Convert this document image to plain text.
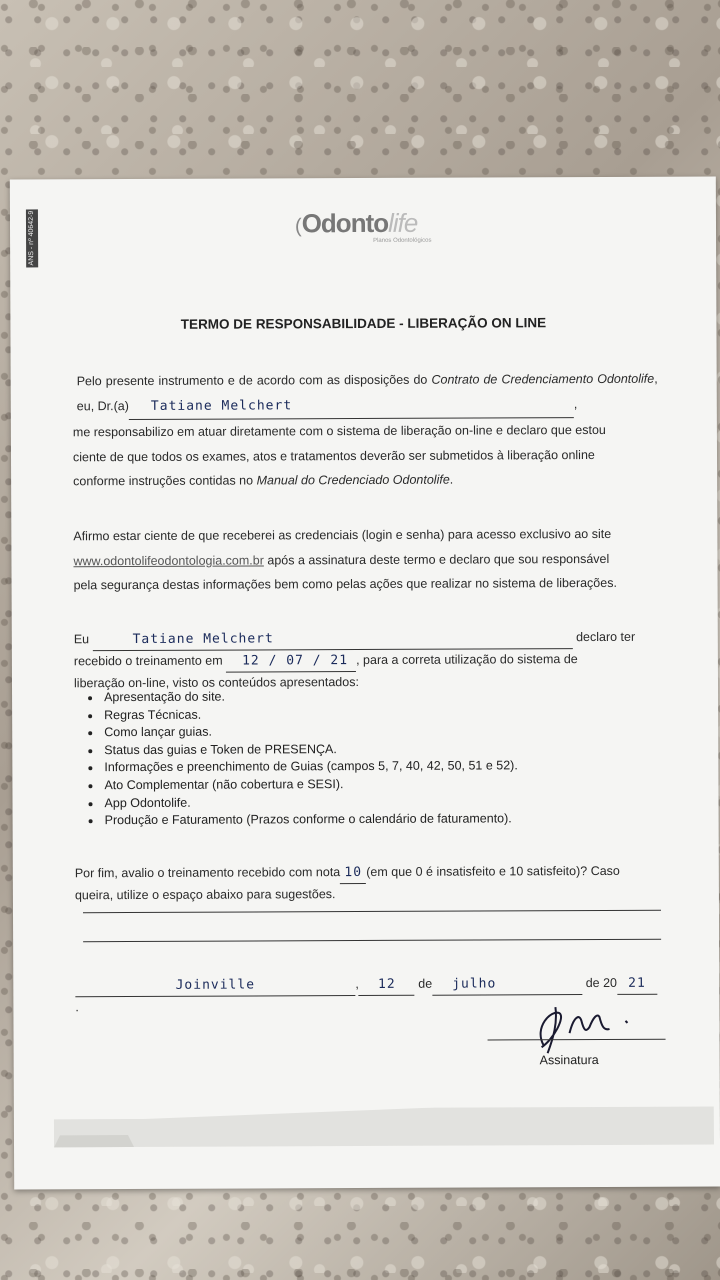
ANS - nº 40642-9	(Odontolife
Planos Odontológicos
TERMO DE RESPONSABILIDADE - LIBERAÇÃO ON LINE
Pelo presente instrumento e de acordo com as disposições do Contrato de Credenciamento Odontolife, eu, Dr.(a) Tatiane Melchert	,
me responsabilizo em atuar diretamente com o sistema de liberação on-line e declaro que estou
ciente de que todos os exames, atos e tratamentos deverão ser submetidos à liberação online
conforme instruções contidas no Manual do Credenciado Odontolife.
Afirmo estar ciente de que receberei as credenciais (login e senha) para acesso exclusivo ao site
www.odontolifeodontologia.com.br após a assinatura deste termo e declaro que sou responsável
pela segurança destas informações bem como pelas ações que realizar no sistema de liberações.
Eu	Tatiane Melchert	declaro ter
recebido o treinamento em 12 / 07 / 21 , para a correta utilização do sistema de
liberação on-line, visto os conteúdos apresentados:
• Apresentação do site.
• Regras Técnicas.
• Como lançar guias.
• Status das guias e Token de PRESENÇA.
• Informações e preenchimento de Guias (campos 5, 7, 40, 42, 50, 51 e 52).
• Ato Complementar (não cobertura e SESI).
• App Odontolife.
• Produção e Faturamento (Prazos conforme o calendário de faturamento).
Por fim, avalio o treinamento recebido com nota 10 (em que 0 é insatisfeito e 10 satisfeito)? Caso
queira, utilize o espaço abaixo para sugestões.
Joinville	, 12 de julho	de 20 21.
Assinatura
